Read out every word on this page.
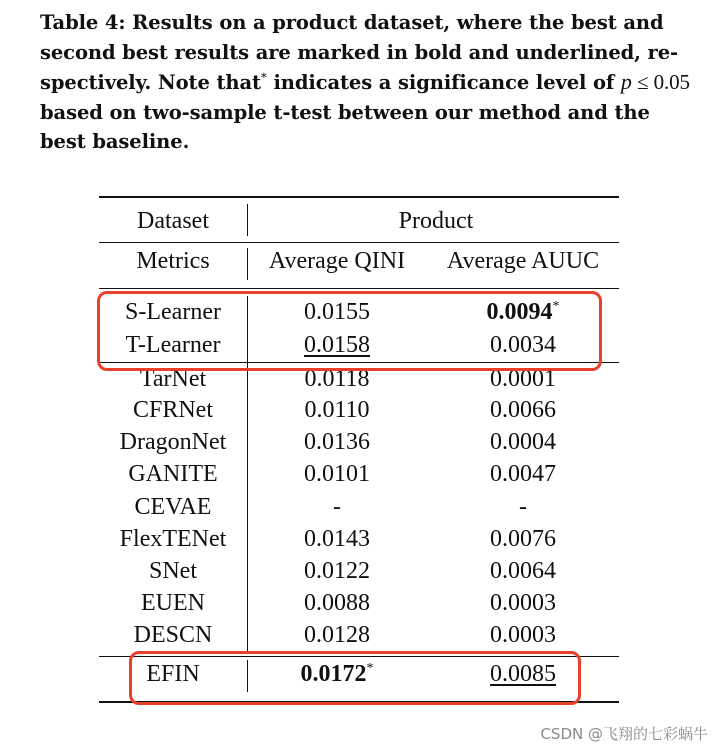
Table 4: Results on a product dataset, where the best and second best results are marked in bold and underlined, re-spectively. Note that* indicates a significance level of p ≤ 0.05 based on two-sample t-test between our method and the best baseline.
Dataset	Product
Metrics	Average QINI	Average AUUC
S-Learner	0.0155	0.0094*
T-Learner	0.0158	0.0034
TarNet	0.0118	0.0001
CFRNet	0.0110	0.0066
DragonNet	0.0136	0.0004
GANITE	0.0101	0.0047
CEVAE	-	-
FlexTENet	0.0143	0.0076
SNet	0.0122	0.0064
EUEN	0.0088	0.0003
DESCN	0.0128	0.0003
EFIN	0.0172*	0.0085
CSDN @飞翔的七彩蜗牛
